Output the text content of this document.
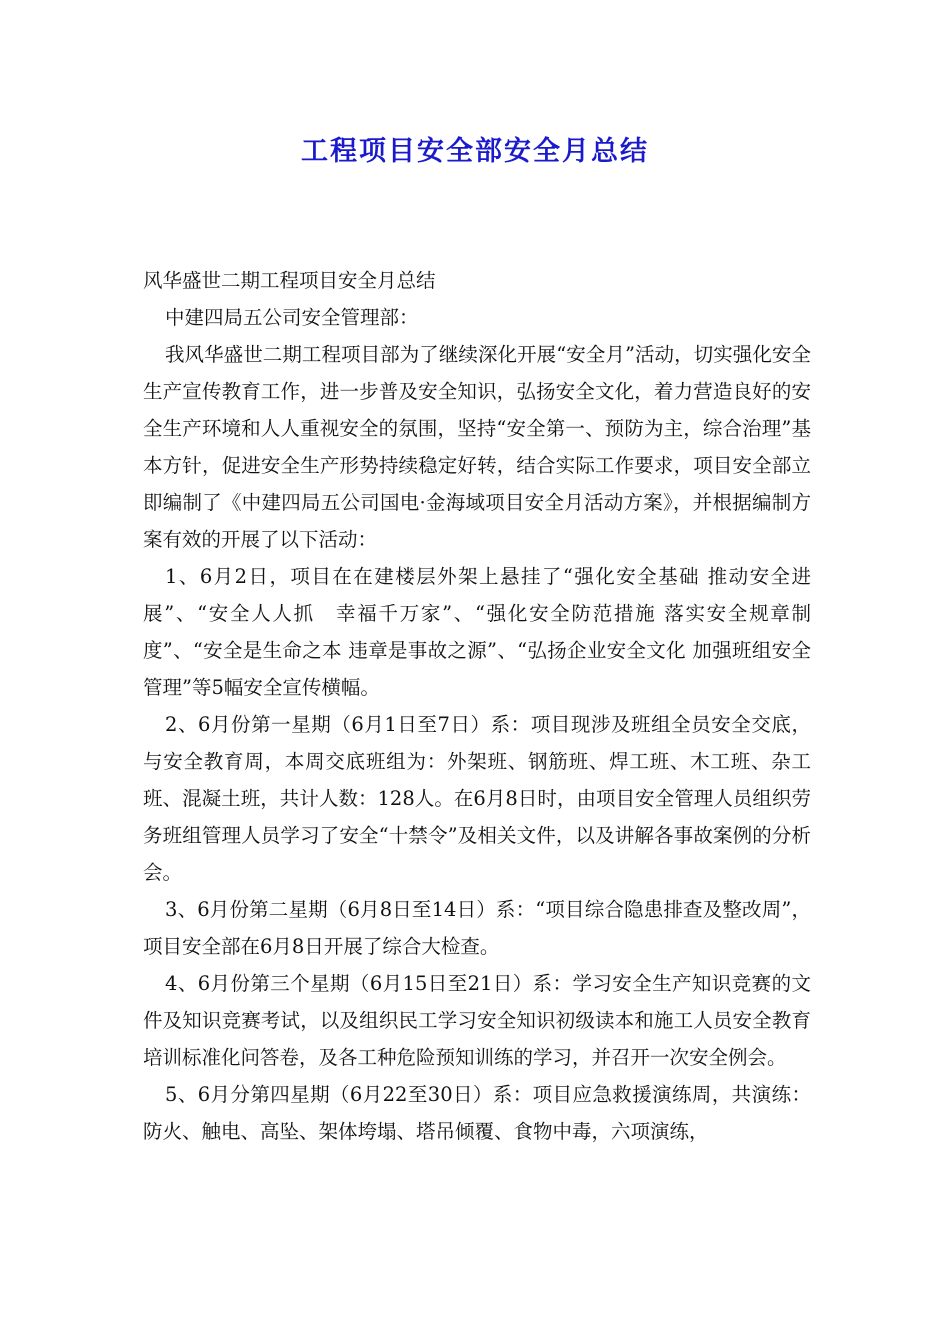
工程项目安全部安全月总结

风华盛世二期工程项目安全月总结

中建四局五公司安全管理部：

我风华盛世二期工程项目部为了继续深化开展“安全月”活动，切实强化安全生产宣传教育工作，进一步普及安全知识，弘扬安全文化，着力营造良好的安全生产环境和人人重视安全的氛围，坚持“安全第一、预防为主，综合治理”基本方针，促进安全生产形势持续稳定好转，结合实际工作要求，项目安全部立即编制了《中建四局五公司国电·金海域项目安全月活动方案》，并根据编制方案有效的开展了以下活动：

1、6月2日，项目在在建楼层外架上悬挂了“强化安全基础 推动安全进展”、“安全人人抓　幸福千万家”、“强化安全防范措施 落实安全规章制度”、“安全是生命之本 违章是事故之源”、“弘扬企业安全文化 加强班组安全管理”等5幅安全宣传横幅。

2、6月份第一星期（6月1日至7日）系：项目现涉及班组全员安全交底，与安全教育周，本周交底班组为：外架班、钢筋班、焊工班、木工班、杂工班、混凝土班，共计人数：128人。在6月8日时，由项目安全管理人员组织劳务班组管理人员学习了安全“十禁令”及相关文件，以及讲解各事故案例的分析会。

3、6月份第二星期（6月8日至14日）系：“项目综合隐患排查及整改周”，项目安全部在6月8日开展了综合大检查。

4、6月份第三个星期（6月15日至21日）系：学习安全生产知识竞赛的文件及知识竞赛考试，以及组织民工学习安全知识初级读本和施工人员安全教育培训标准化问答卷，及各工种危险预知训练的学习，并召开一次安全例会。

5、6月分第四星期（6月22至30日）系：项目应急救援演练周，共演练：防火、触电、高坠、架体垮塌、塔吊倾覆、食物中毒，六项演练，
